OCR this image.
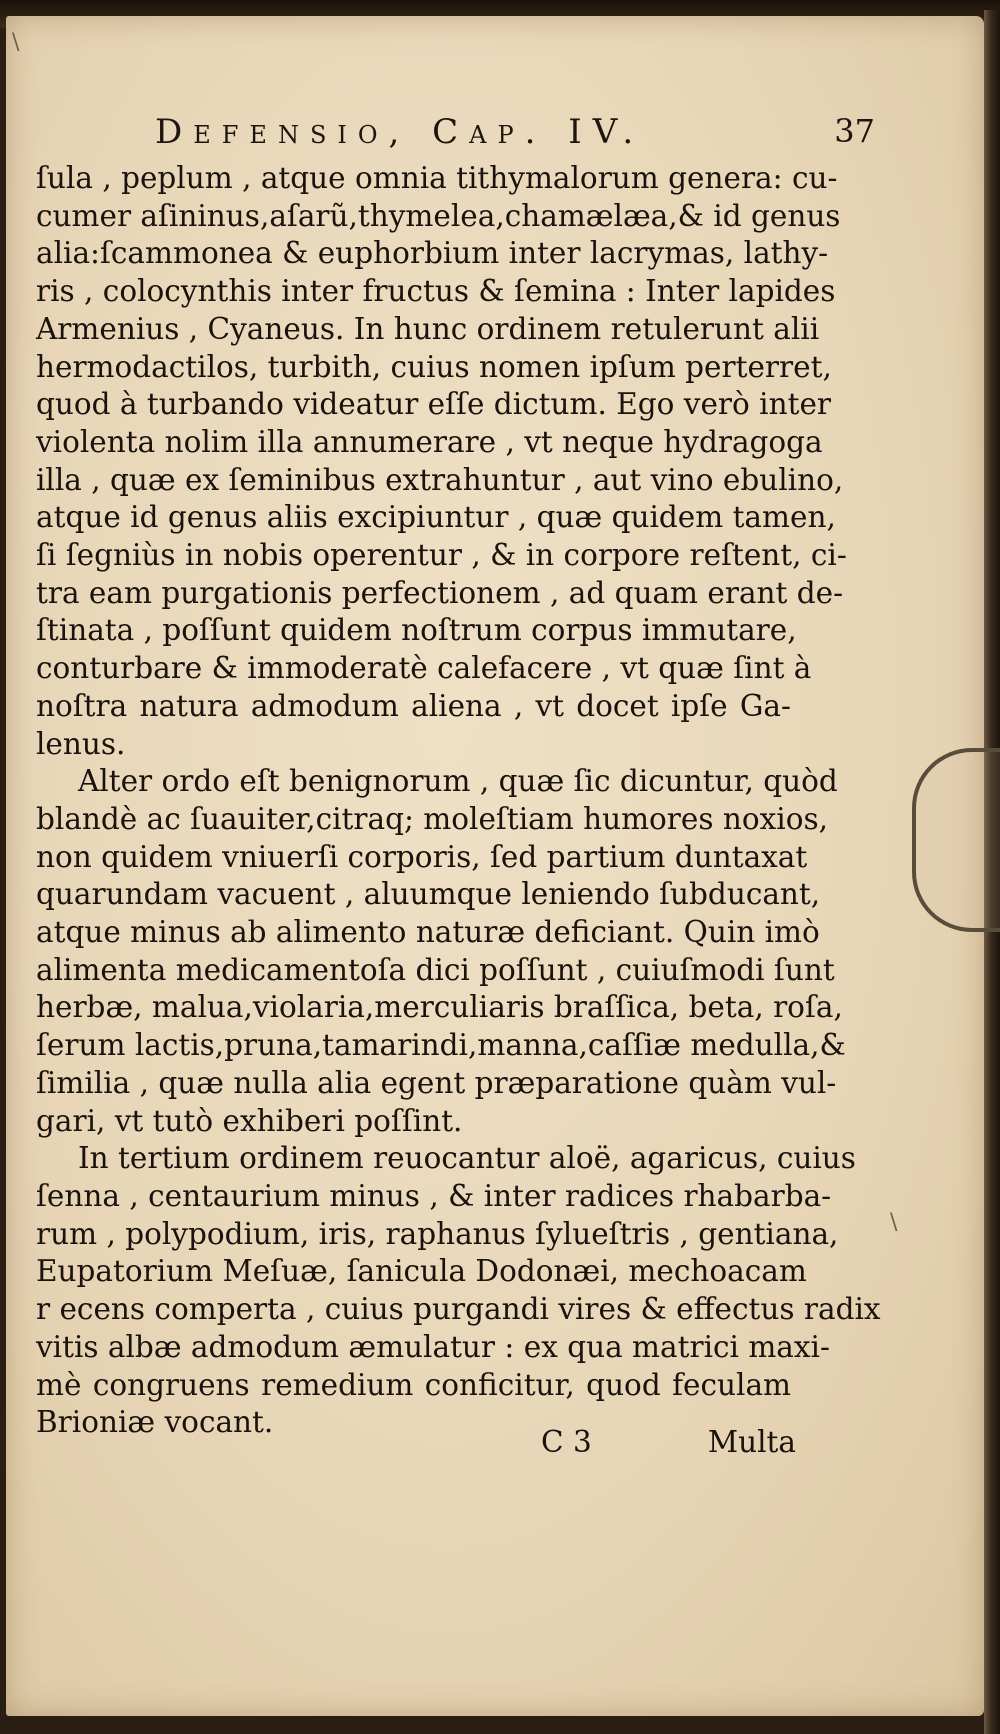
\
\
Defensio, Cap. IV.	37
ſula , peplum , atque omnia tithymalorum genera: cu-
cumer aſininus,aſarũ,thymelea,chamælæa,& id genus
alia:ſcammonea & euphorbium inter lacrymas, lathy-
ris , colocynthis inter fructus & ſemina : Inter lapides
Armenius , Cyaneus. In hunc ordinem retulerunt alii
hermodactilos, turbith, cuius nomen ipſum perterret,
quod à turbando videatur eſſe dictum. Ego verò inter
violenta nolim illa annumerare , vt neque hydragoga
illa , quæ ex ſeminibus extrahuntur , aut vino ebulino,
atque id genus aliis excipiuntur , quæ quidem tamen,
ſi ſegniùs in nobis operentur , & in corpore reſtent, ci-
tra eam purgationis perfectionem , ad quam erant de-
ſtinata , poſſunt quidem noſtrum corpus immutare,
conturbare & immoderatè calefacere , vt quæ ſint à
noſtra natura admodum aliena , vt docet ipſe Ga-
lenus.
Alter ordo eſt benignorum , quæ ſic dicuntur, quòd
blandè ac ſuauiter,citraq; moleſtiam humores noxios,
non quidem vniuerſi corporis, ſed partium duntaxat
quarundam vacuent , aluumque leniendo ſubducant,
atque minus ab alimento naturæ deficiant. Quin imò
alimenta medicamentoſa dici poſſunt , cuiuſmodi ſunt
herbæ, malua,violaria,merculiaris braſſica, beta, roſa,
ſerum lactis,pruna,tamarindi,manna,caſſiæ medulla,&
ſimilia , quæ nulla alia egent præparatione quàm vul-
gari, vt tutò exhiberi poſſint.
In tertium ordinem reuocantur aloë, agaricus, cuius
ſenna , centaurium minus , & inter radices rhabarba-
rum , polypodium, iris, raphanus ſylueſtris , gentiana,
Eupatorium Meſuæ, ſanicula Dodonæi, mechoacam
r ecens comperta , cuius purgandi vires & effectus radix
vitis albæ admodum æmulatur : ex qua matrici maxi-
mè congruens remedium conficitur, quod feculam
Brioniæ vocant.
C 3	Multa
